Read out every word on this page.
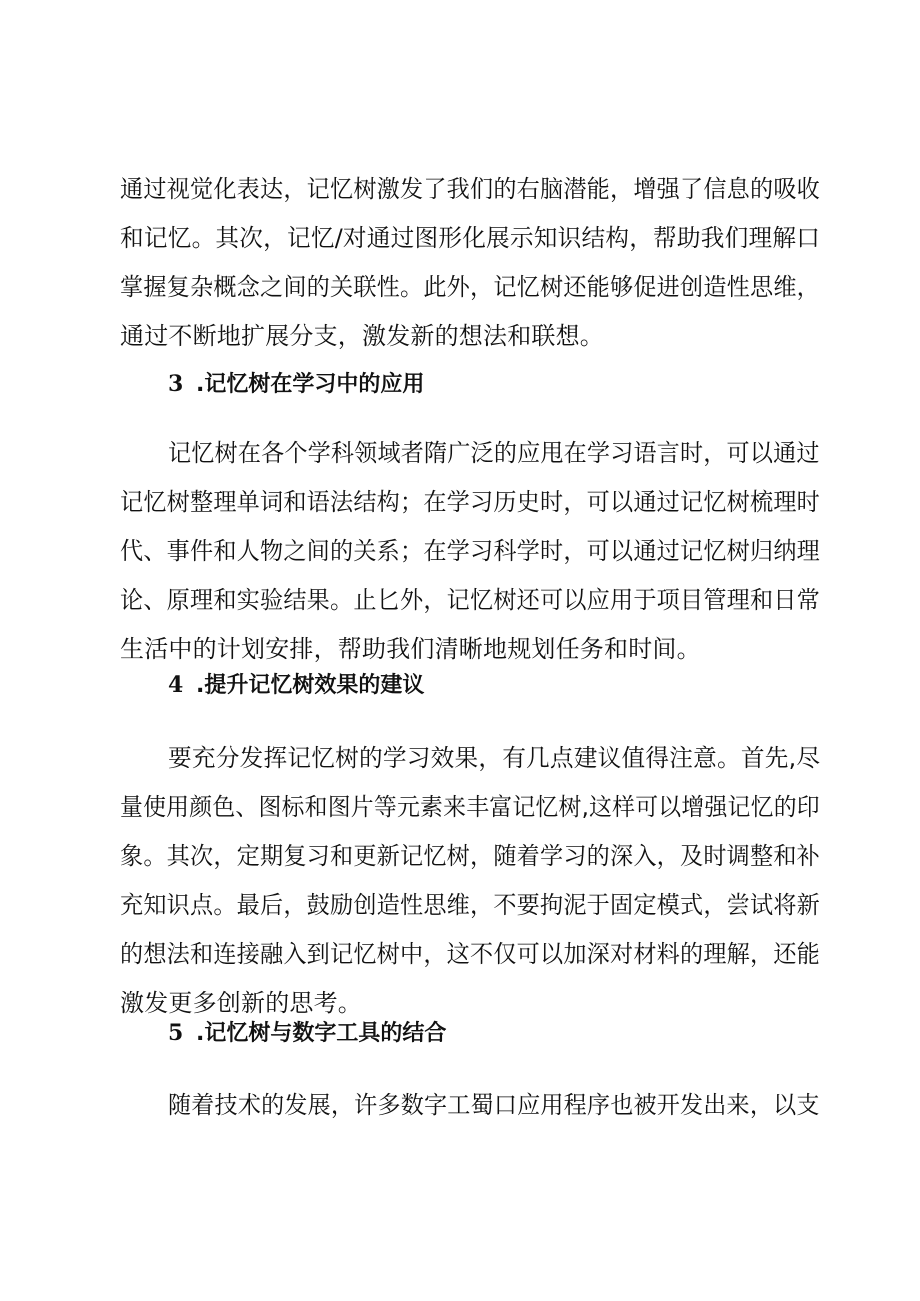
通过视觉化表达，记忆树激发了我们的右脑潜能，增强了信息的吸收
和记忆。其次，记忆/对通过图形化展示知识结构，帮助我们理解口
掌握复杂概念之间的关联性。此外，记忆树还能够促进创造性思维，
通过不断地扩展分支，激发新的想法和联想。
3 .记忆树在学习中的应用
记忆树在各个学科领域者隋广泛的应甩在学习语言时，可以通过
记忆树整理单词和语法结构；在学习历史时，可以通过记忆树梳理时
代、事件和人物之间的关系；在学习科学时，可以通过记忆树归纳理
论、原理和实验结果。止匕外，记忆树还可以应用于项目管理和日常
生活中的计划安排，帮助我们清晰地规划任务和时间。
4 .提升记忆树效果的建议
要充分发挥记忆树的学习效果，有几点建议值得注意。首先,尽
量使用颜色、图标和图片等元素来丰富记忆树,这样可以增强记忆的印
象。其次，定期复习和更新记忆树，随着学习的深入，及时调整和补
充知识点。最后，鼓励创造性思维，不要拘泥于固定模式，尝试将新
的想法和连接融入到记忆树中，这不仅可以加深对材料的理解，还能
激发更多创新的思考。
5 .记忆树与数字工具的结合
随着技术的发展，许多数字工蜀口应用程序也被开发出来，以支
